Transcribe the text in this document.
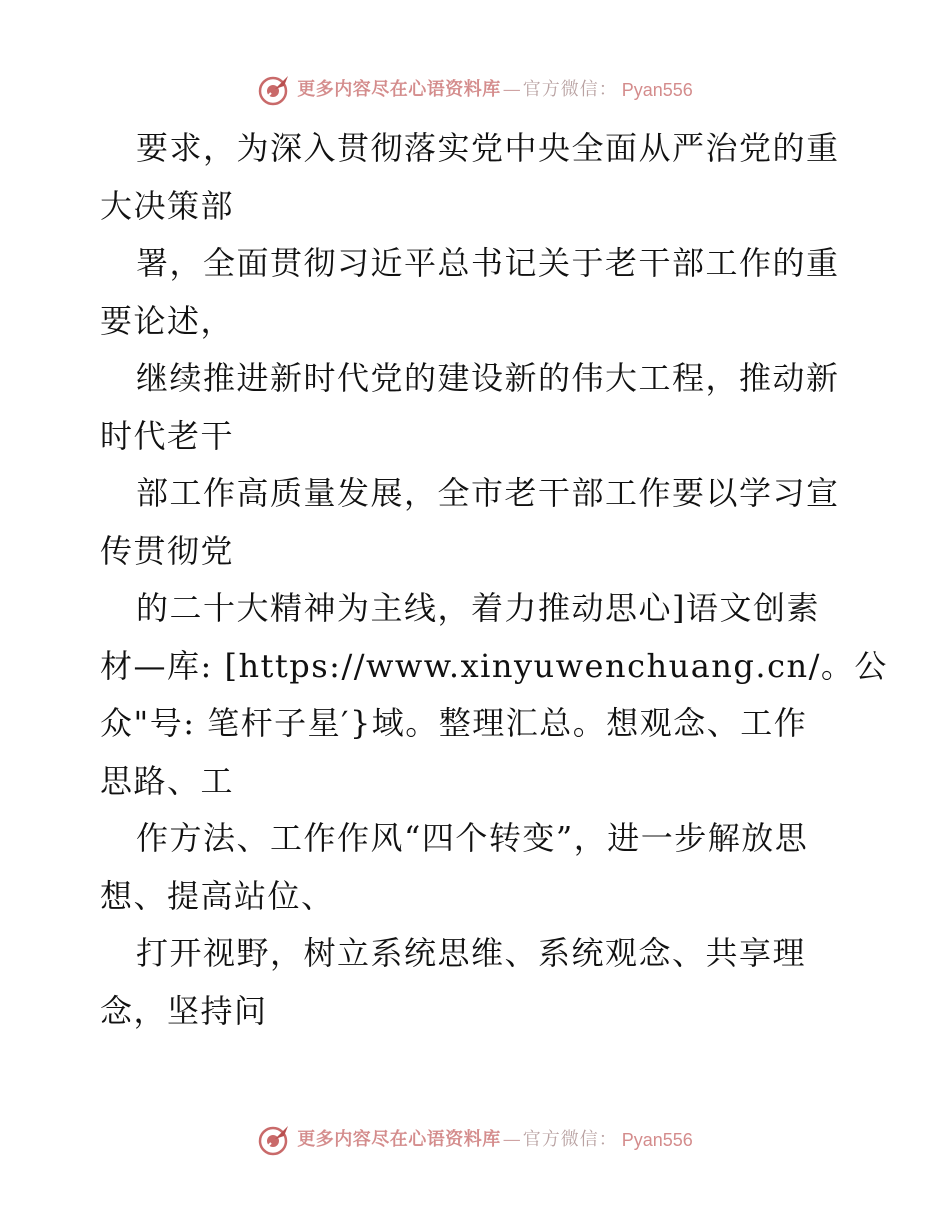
更多内容尽在心语资料库 — 官方微信： Pyan556
要求，为深入贯彻落实党中央全面从严治党的重
大决策部
署，全面贯彻习近平总书记关于老干部工作的重
要论述，
继续推进新时代党的建设新的伟大工程，推动新
时代老干
部工作高质量发展，全市老干部工作要以学习宣
传贯彻党
的二十大精神为主线，着力推动思心]语文创素
材—库: [https://www.xinyuwenchuang.cn/。公
众"号: 笔杆子星′}域。整理汇总。想观念、工作
思路、工
作方法、工作作风“四个转变”，进一步解放思
想、提高站位、
打开视野，树立系统思维、系统观念、共享理
念，坚持问
更多内容尽在心语资料库 — 官方微信： Pyan556
